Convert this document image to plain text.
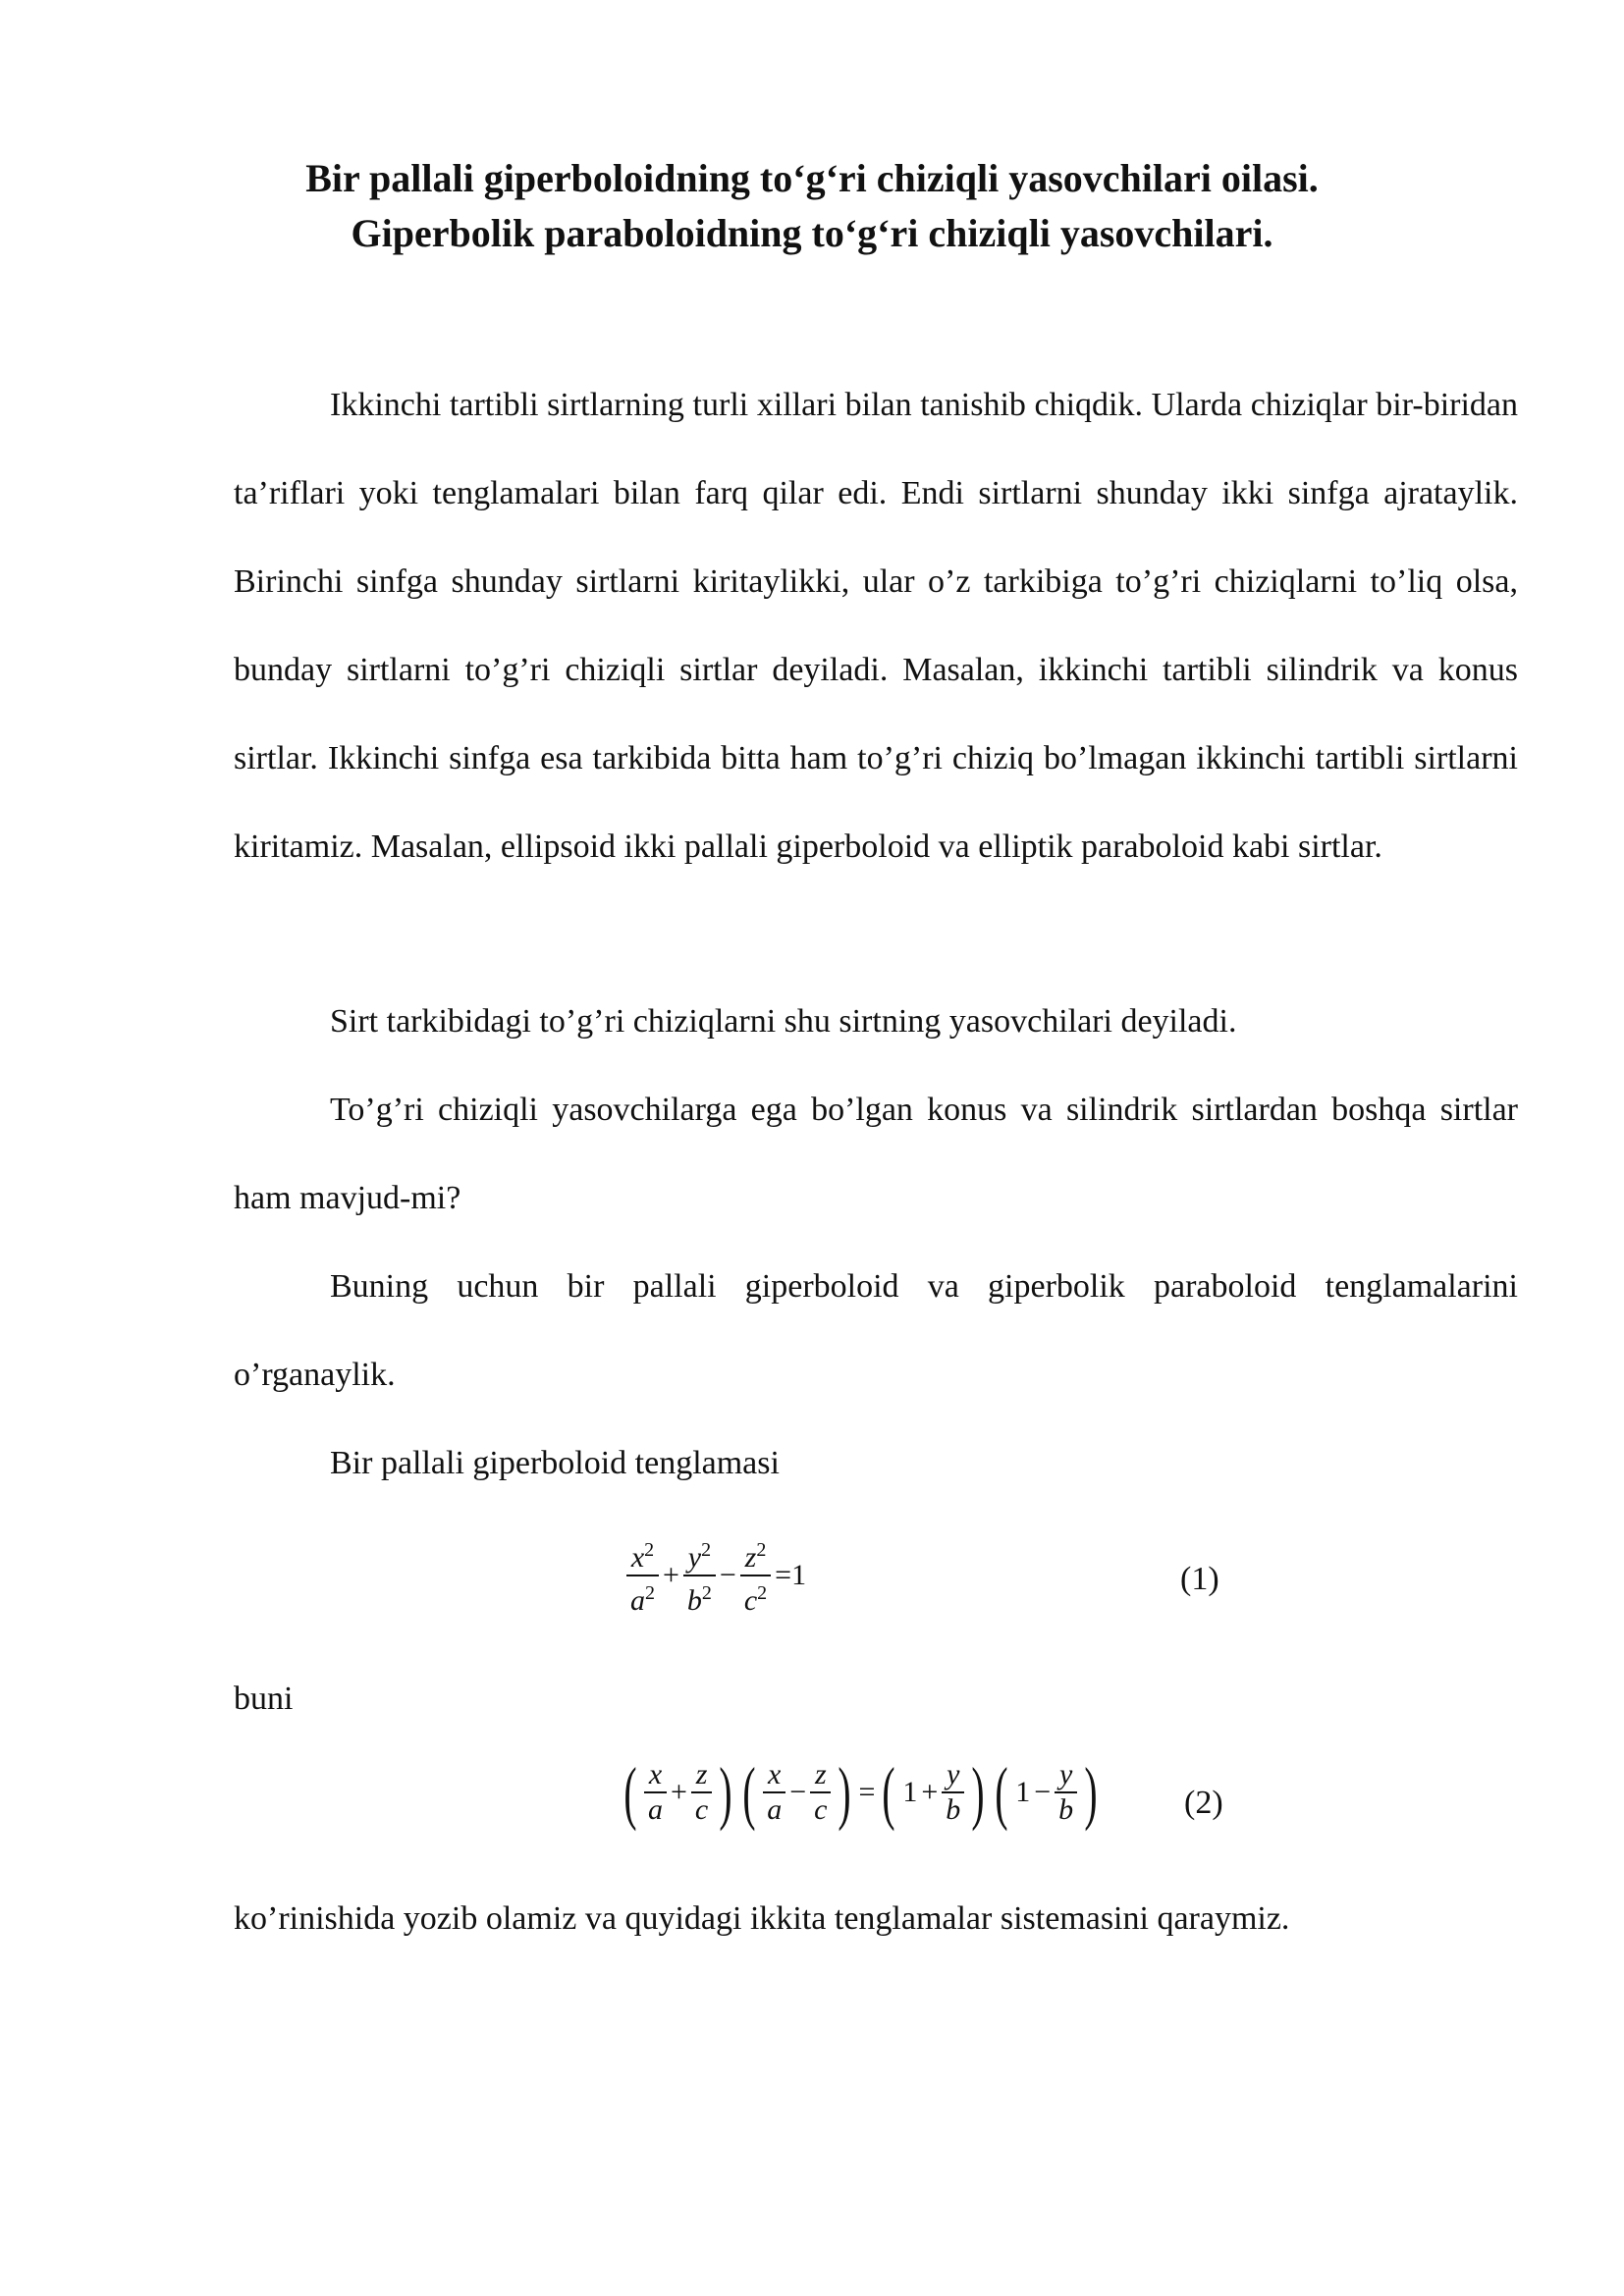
Bir pallali giperboloidning to‘g‘ri chiziqli yasovchilari oilasi.
Giperbolik paraboloidning to‘g‘ri chiziqli yasovchilari.

Ikkinchi tartibli sirtlarning turli xillari bilan tanishib chiqdik. Ularda chiziqlar bir-biridan ta’riflari yoki tenglamalari bilan farq qilar edi. Endi sirtlarni shunday ikki sinfga ajrataylik. Birinchi sinfga shunday sirtlarni kiritaylikki, ular o’z tarkibiga to’g’ri chiziqlarni to’liq olsa, bunday sirtlarni to’g’ri chiziqli sirtlar deyiladi. Masalan, ikkinchi tartibli silindrik va konus sirtlar. Ikkinchi sinfga esa tarkibida bitta ham to’g’ri chiziq bo’lmagan ikkinchi tartibli sirtlarni kiritamiz. Masalan, ellipsoid ikki pallali giperboloid va elliptik paraboloid kabi sirtlar.

Sirt tarkibidagi to’g’ri chiziqlarni shu sirtning yasovchilari deyiladi.

To’g’ri chiziqli yasovchilarga ega bo’lgan konus va silindrik sirtlardan boshqa sirtlar ham mavjud-mi?

Buning uchun bir pallali giperboloid va giperbolik paraboloid tenglamalarini o’rganaylik.

Bir pallali giperboloid tenglamasi

$\frac{x^2}{a^2} + \frac{y^2}{b^2} - \frac{z^2}{c^2} =1$	(1)

buni

( $\frac{x}{a} + \frac{z}{c}$ ) ( $\frac{x}{a} - \frac{z}{c}$ ) = ( $1 + \frac{y}{b}$ ) ( $1 - \frac{y}{b}$ )	(2)

ko’rinishida yozib olamiz va quyidagi ikkita tenglamalar sistemasini qaraymiz.
